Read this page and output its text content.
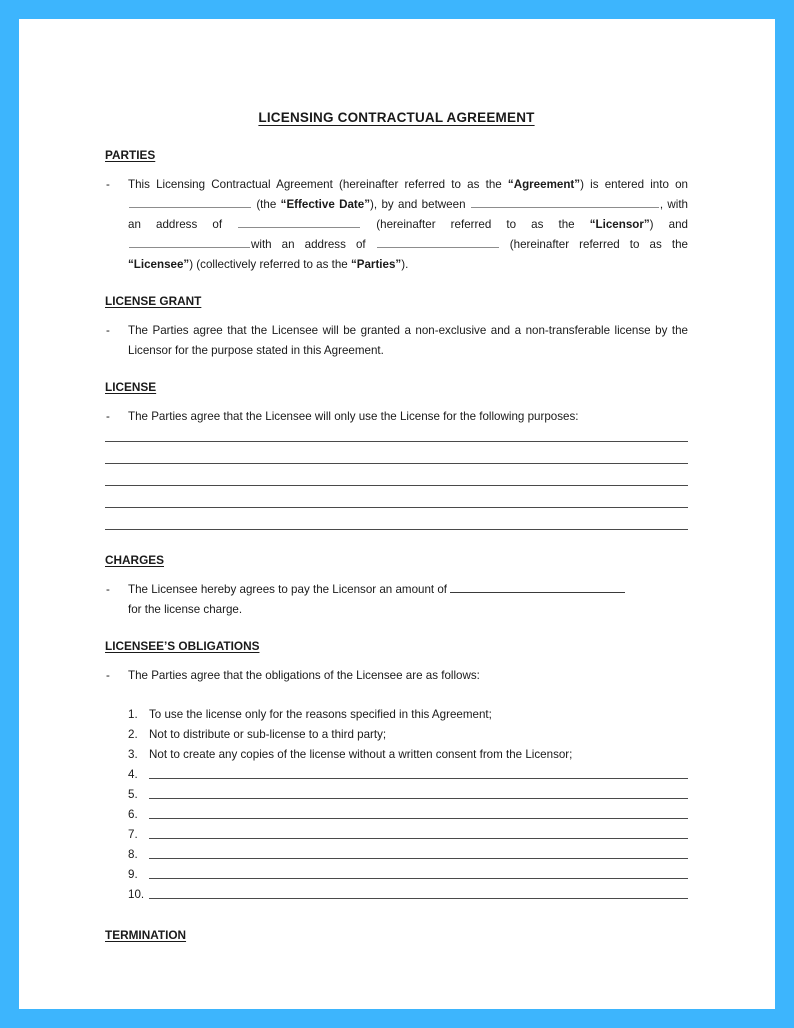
LICENSING CONTRACTUAL AGREEMENT
PARTIES
- This Licensing Contractual Agreement (hereinafter referred to as the “Agreement”) is entered into on  (the “Effective Date”), by and between	, with an address of	(hereinafter referred to as the “Licensor”) and with an address of	(hereinafter referred to as the “Licensee”) (collectively referred to as the “Parties”).
LICENSE GRANT
- The Parties agree that the Licensee will be granted a non-exclusive and a non-transferable license by the Licensor for the purpose stated in this Agreement.
LICENSE
- The Parties agree that the Licensee will only use the License for the following purposes:
CHARGES
- The Licensee hereby agrees to pay the Licensor an amount of
for the license charge.
LICENSEE’S OBLIGATIONS
- The Parties agree that the obligations of the Licensee are as follows:
1. To use the license only for the reasons specified in this Agreement;
2. Not to distribute or sub-license to a third party;
3. Not to create any copies of the license without a written consent from the Licensor;
4.
5.
6.
7.
8.
9.
10.
TERMINATION
